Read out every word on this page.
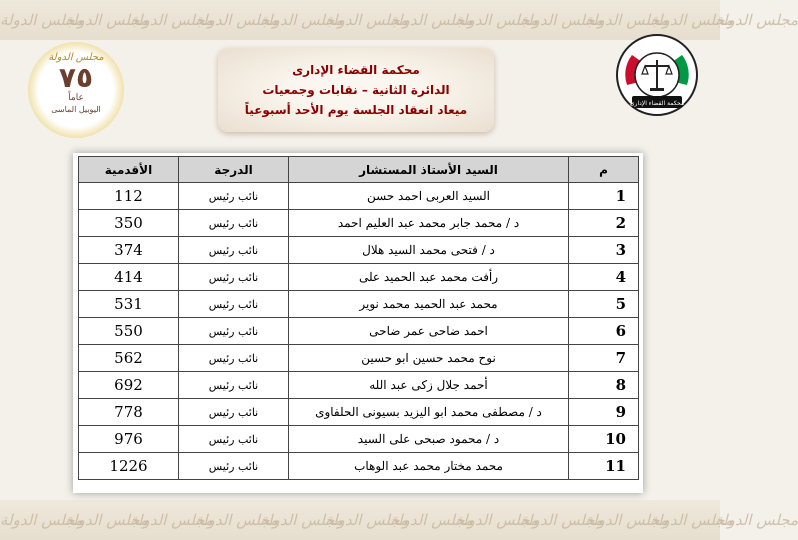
مجلس الدولةمجلس الدولةمجلس الدولةمجلس الدولةمجلس الدولةمجلس الدولةمجلس الدولةمجلس الدولةمجلس الدولةمجلس الدولةمجلس الدولةمجلس الدولة
مجلس الدولةمجلس الدولةمجلس الدولةمجلس الدولةمجلس الدولةمجلس الدولةمجلس الدولةمجلس الدولةمجلس الدولةمجلس الدولةمجلس الدولةمجلس الدولة
مجلس الدولة
٧٥
عاماً
اليوبيل الماسى
محكمة القضاء الإدارى
الدائرة الثانية – نقابات وجمعيات
ميعاد انعقاد الجلسة يوم الأحد أسبوعياً	محكمة القضاء الإدارى
م	السيد الأستاذ المستشار	الدرجة	الأقدمية
1	السيد العربى احمد حسن	نائب رئيس	112
2	د / محمد جابر محمد عبد العليم احمد	نائب رئيس	350
3	د / فتحى محمد السيد هلال	نائب رئيس	374
4	رأفت محمد عبد الحميد على	نائب رئيس	414
5	محمد عبد الحميد محمد نوير	نائب رئيس	531
6	احمد ضاحى عمر ضاحى	نائب رئيس	550
7	نوح محمد حسين ابو حسين	نائب رئيس	562
8	أحمد جلال زكى عبد الله	نائب رئيس	692
9	د / مصطفى محمد ابو اليزيد بسيونى الحلفاوى	نائب رئيس	778
10	د / محمود صبحى على السيد	نائب رئيس	976
11	محمد مختار محمد عبد الوهاب	نائب رئيس	1226
